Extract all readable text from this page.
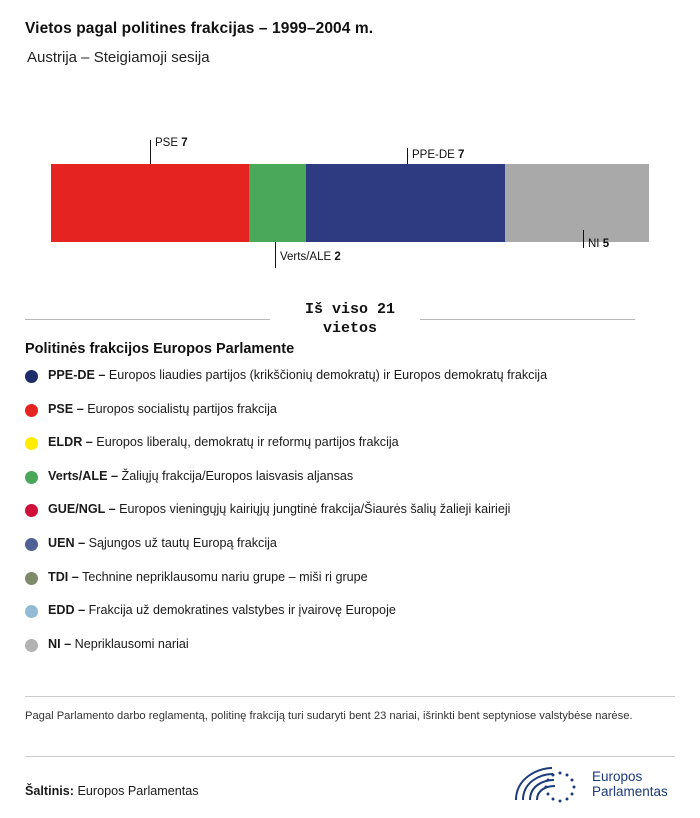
Vietos pagal politines frakcijas – 1999–2004 m.
Austrija – Steigiamoji sesija
PSE 7
PPE-DE 7
Verts/ALE 2
NI 5
Iš viso 21
vietos
Politinės frakcijos Europos Parlamente
PPE-DE – Europos liaudies partijos (krikščionių demokratų) ir Europos demokratų frakcija
PSE – Europos socialistų partijos frakcija
ELDR – Europos liberalų, demokratų ir reformų partijos frakcija
Verts/ALE – Žaliųjų frakcija/Europos laisvasis aljansas
GUE/NGL – Europos vieningųjų kairiųjų jungtinė frakcija/Šiaurės šalių žalieji kairieji
UEN – Sąjungos už tautų Europą frakcija
TDI – Technine nepriklausomu nariu grupe – miši ri grupe
EDD – Frakcija už demokratines valstybes ir įvairovę Europoje
NI – Nepriklausomi nariai
Pagal Parlamento darbo reglamentą, politinę frakciją turi sudaryti bent 23 nariai, išrinkti bent septyniose valstybėse narėse.
Šaltinis: Europos Parlamentas
Europos
Parlamentas
